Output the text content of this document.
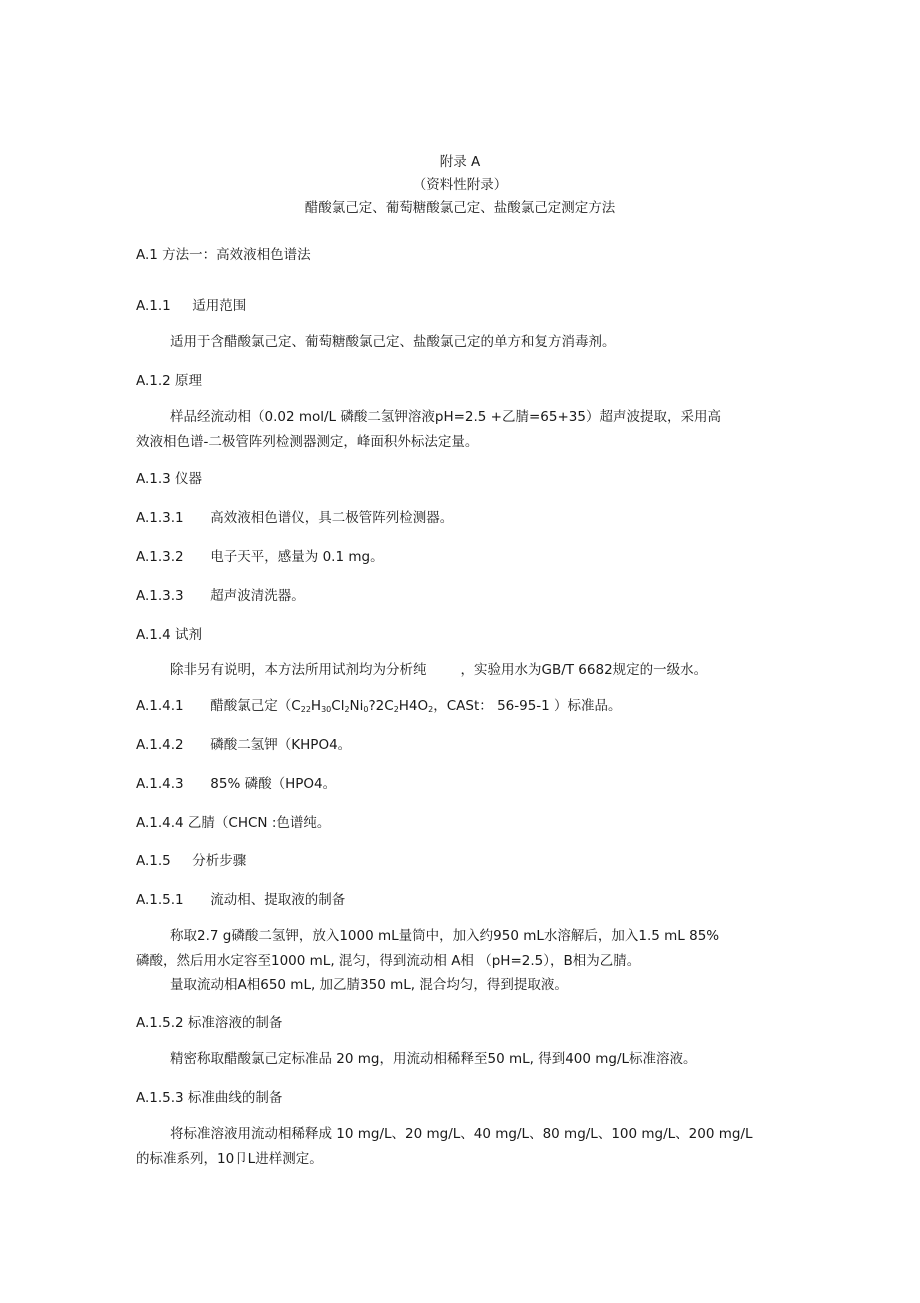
附录 A
（资料性附录）
醋酸氯己定、葡萄糖酸氯己定、盐酸氯己定测定方法
A.1 方法一：高效液相色谱法
A.1.1 适用范围
适用于含醋酸氯己定、葡萄糖酸氯己定、盐酸氯己定的单方和复方消毒剂。
A.1.2 原理
样品经流动相（0.02 mol/L 磷酸二氢钾溶液pH=2.5 +乙腈=65+35）超声波提取，采用高
效液相色谱-二极管阵列检测器测定，峰面积外标法定量。
A.1.3 仪器
A.1.3.1 高效液相色谱仪，具二极管阵列检测器。
A.1.3.2 电子天平，感量为 0.1 mg。
A.1.3.3 超声波清洗器。
A.1.4 试剂
除非另有说明，本方法所用试剂均为分析纯	，实验用水为GB/T 6682规定的一级水。
A.1.4.1 醋酸氯己定（$C_{22}H_{30}Cl_2Ni_0?2C_2H4O_2$，CASt： 56-95-1 ）标准品。
A.1.4.2 磷酸二氢钾（KHPO4。
A.1.4.3 85% 磷酸（HPO4。
A.1.4.4 乙腈（CHCN :色谱纯。
A.1.5 分析步骤
A.1.5.1 流动相、提取液的制备
称取2.7 g磷酸二氢钾，放入1000 mL量筒中，加入约950 mL水溶解后，加入1.5 mL 85%
磷酸，然后用水定容至1000 mL, 混匀，得到流动相 A相 （pH=2.5），B相为乙腈。
量取流动相A相650 mL, 加乙腈350 mL, 混合均匀，得到提取液。
A.1.5.2 标准溶液的制备
精密称取醋酸氯己定标准品 20 mg，用流动相稀释至50 mL, 得到400 mg/L标准溶液。
A.1.5.3 标准曲线的制备
将标准溶液用流动相稀释成 10 mg/L、20 mg/L、40 mg/L、80 mg/L、100 mg/L、200 mg/L
的标准系列，10卩L进样测定。
